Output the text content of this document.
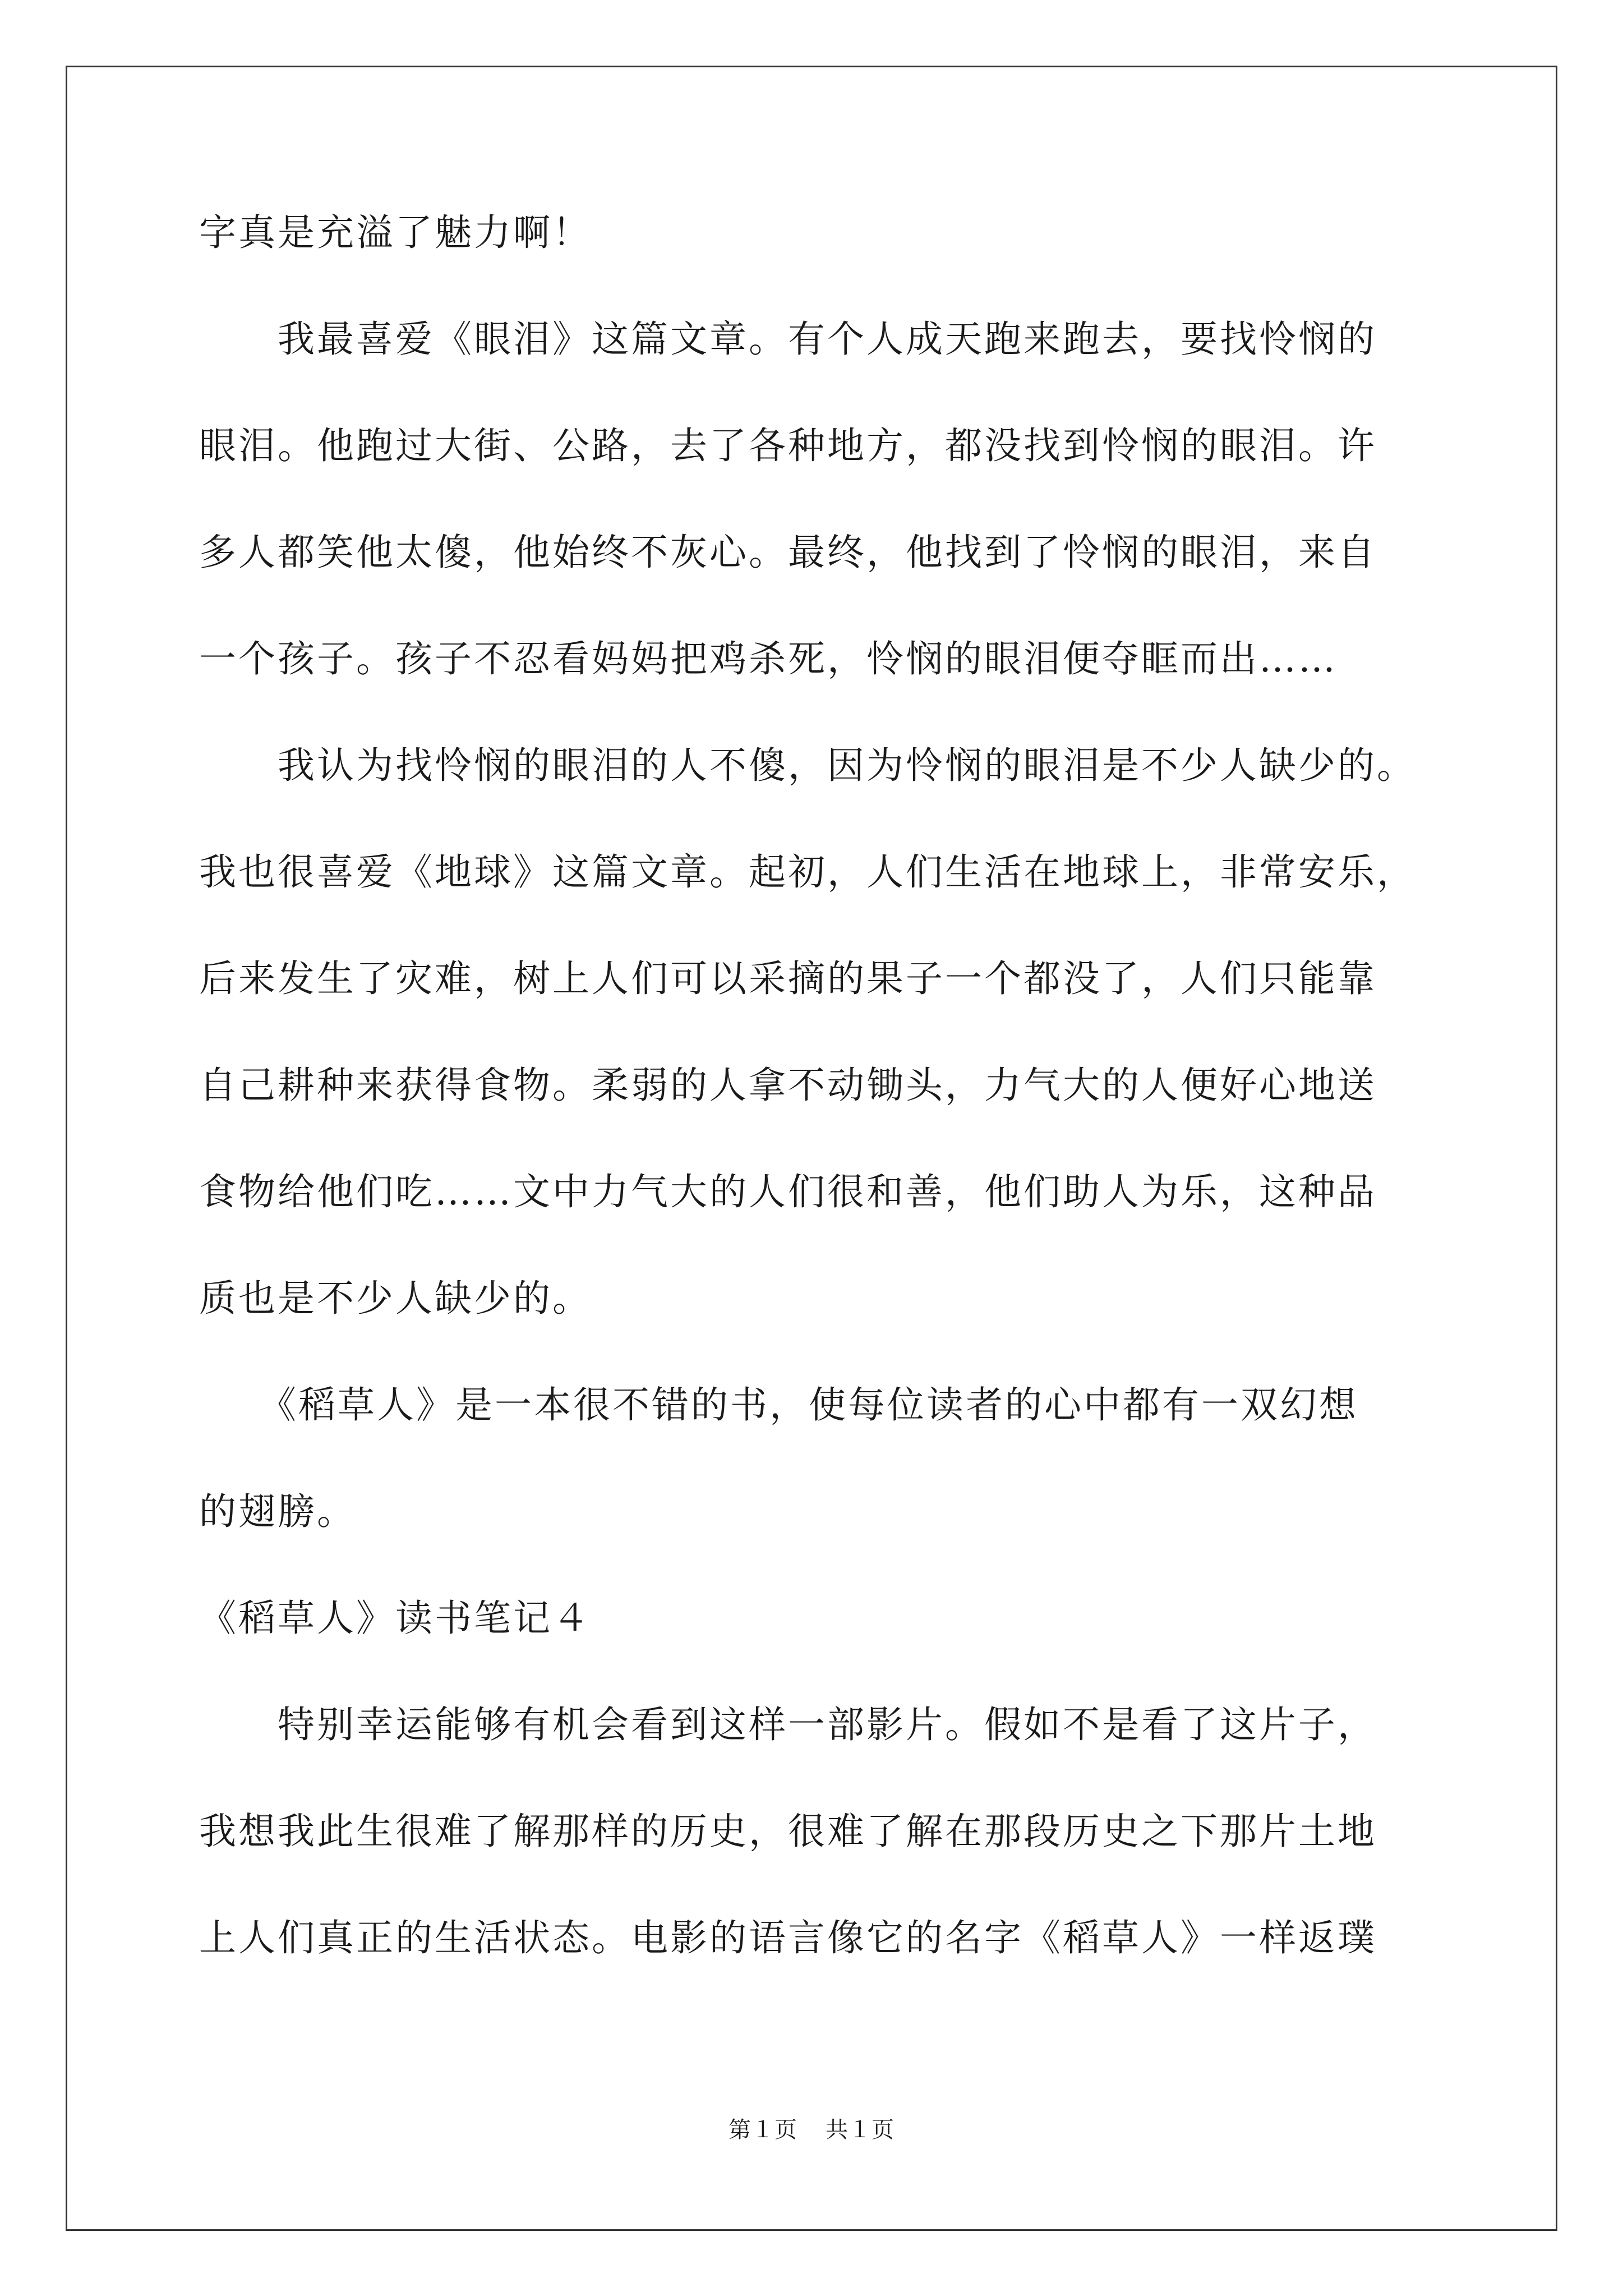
字真是充溢了魅力啊！
　　我最喜爱《眼泪》这篇文章。有个人成天跑来跑去，要找怜悯的
眼泪。他跑过大街、公路，去了各种地方，都没找到怜悯的眼泪。许
多人都笑他太傻，他始终不灰心。最终，他找到了怜悯的眼泪，来自
一个孩子。孩子不忍看妈妈把鸡杀死，怜悯的眼泪便夺眶而出……
　　我认为找怜悯的眼泪的人不傻，因为怜悯的眼泪是不少人缺少的。
我也很喜爱《地球》这篇文章。起初，人们生活在地球上，非常安乐，
后来发生了灾难，树上人们可以采摘的果子一个都没了，人们只能靠
自己耕种来获得食物。柔弱的人拿不动锄头，力气大的人便好心地送
食物给他们吃……文中力气大的人们很和善，他们助人为乐，这种品
质也是不少人缺少的。
　　《稻草人》是一本很不错的书，使每位读者的心中都有一双幻想
的翅膀。
《稻草人》读书笔记４
　　特别幸运能够有机会看到这样一部影片。假如不是看了这片子，
我想我此生很难了解那样的历史，很难了解在那段历史之下那片土地
上人们真正的生活状态。电影的语言像它的名字《稻草人》一样返璞
第１页 共１页
